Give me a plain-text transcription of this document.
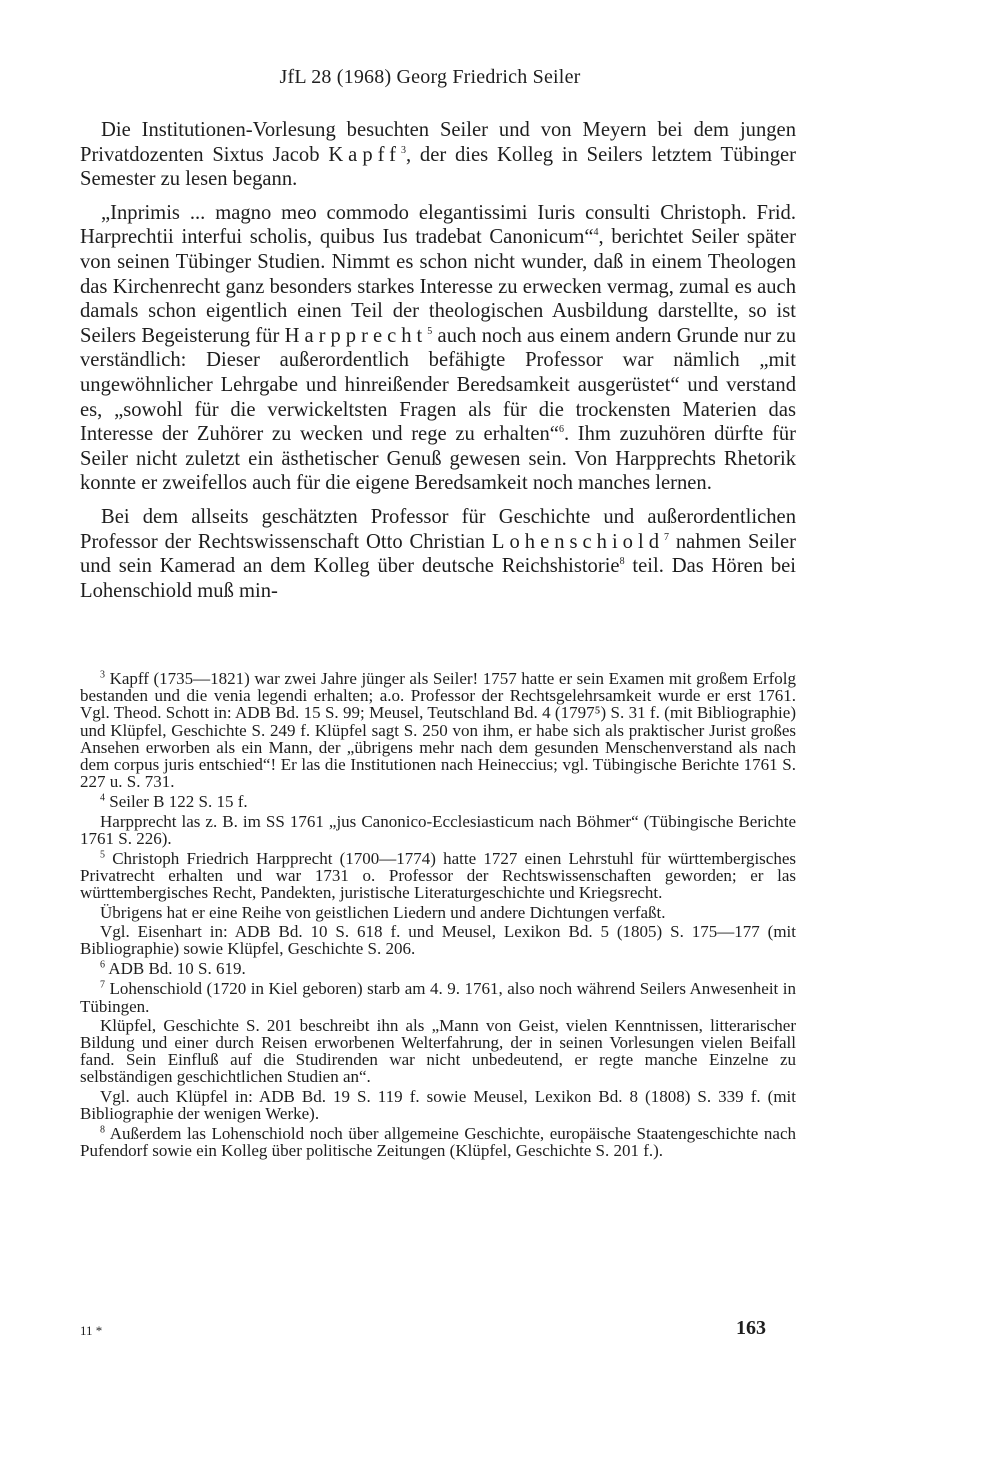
JfL 28 (1968) Georg Friedrich Seiler

Die Institutionen-Vorlesung besuchten Seiler und von Meyern bei dem jungen Privatdozenten Sixtus Jacob Kapff$^3$, der dies Kolleg in Seilers letztem Tübinger Semester zu lesen begann.

„Inprimis ... magno meo commodo elegantissimi Iuris consulti Christoph. Frid. Harprechtii interfui scholis, quibus Ius tradebat Canonicum“$^4$, berichtet Seiler später von seinen Tübinger Studien. Nimmt es schon nicht wunder, daß in einem Theologen das Kirchenrecht ganz besonders starkes Interesse zu erwecken vermag, zumal es auch damals schon eigentlich einen Teil der theologischen Ausbildung darstellte, so ist Seilers Begeisterung für Harpprecht$^5$ auch noch aus einem andern Grunde nur zu verständlich: Dieser außerordentlich befähigte Professor war nämlich „mit ungewöhnlicher Lehrgabe und hinreißender Beredsamkeit ausgerüstet“ und verstand es, „sowohl für die verwickeltsten Fragen als für die trockensten Materien das Interesse der Zuhörer zu wecken und rege zu erhalten“$^6$. Ihm zuzuhören dürfte für Seiler nicht zuletzt ein ästhetischer Genuß gewesen sein. Von Harpprechts Rhetorik konnte er zweifellos auch für die eigene Beredsamkeit noch manches lernen.

Bei dem allseits geschätzten Professor für Geschichte und außerordentlichen Professor der Rechtswissenschaft Otto Christian Lohenschiold$^7$ nahmen Seiler und sein Kamerad an dem Kolleg über deutsche Reichshistorie$^8$ teil. Das Hören bei Lohenschiold muß min-

$^3$ Kapff (1735—1821) war zwei Jahre jünger als Seiler! 1757 hatte er sein Examen mit großem Erfolg bestanden und die venia legendi erhalten; a.o. Professor der Rechtsgelehrsamkeit wurde er erst 1761. Vgl. Theod. Schott in: ADB Bd. 15 S. 99; Meusel, Teutschland Bd. 4 (1797⁵) S. 31 f. (mit Bibliographie) und Klüpfel, Geschichte S. 249 f. Klüpfel sagt S. 250 von ihm, er habe sich als praktischer Jurist großes Ansehen erworben als ein Mann, der „übrigens mehr nach dem gesunden Menschenverstand als nach dem corpus juris entschied“! Er las die Institutionen nach Heineccius; vgl. Tübingische Berichte 1761 S. 227 u. S. 731.

$^4$ Seiler B 122 S. 15 f.

Harpprecht las z. B. im SS 1761 „jus Canonico-Ecclesiasticum nach Böhmer“ (Tübingische Berichte 1761 S. 226).

$^5$ Christoph Friedrich Harpprecht (1700—1774) hatte 1727 einen Lehrstuhl für württembergisches Privatrecht erhalten und war 1731 o. Professor der Rechtswissenschaften geworden; er las württembergisches Recht, Pandekten, juristische Literaturgeschichte und Kriegsrecht.

Übrigens hat er eine Reihe von geistlichen Liedern und andere Dichtungen verfaßt.

Vgl. Eisenhart in: ADB Bd. 10 S. 618 f. und Meusel, Lexikon Bd. 5 (1805) S. 175—177 (mit Bibliographie) sowie Klüpfel, Geschichte S. 206.

$^6$ ADB Bd. 10 S. 619.

$^7$ Lohenschiold (1720 in Kiel geboren) starb am 4. 9. 1761, also noch während Seilers Anwesenheit in Tübingen.

Klüpfel, Geschichte S. 201 beschreibt ihn als „Mann von Geist, vielen Kenntnissen, litterarischer Bildung und einer durch Reisen erworbenen Welterfahrung, der in seinen Vorlesungen vielen Beifall fand. Sein Einfluß auf die Studirenden war nicht unbedeutend, er regte manche Einzelne zu selbständigen geschichtlichen Studien an“.

Vgl. auch Klüpfel in: ADB Bd. 19 S. 119 f. sowie Meusel, Lexikon Bd. 8 (1808) S. 339 f. (mit Bibliographie der wenigen Werke).

$^8$ Außerdem las Lohenschiold noch über allgemeine Geschichte, europäische Staatengeschichte nach Pufendorf sowie ein Kolleg über politische Zeitungen (Klüpfel, Geschichte S. 201 f.).

11 *	163
